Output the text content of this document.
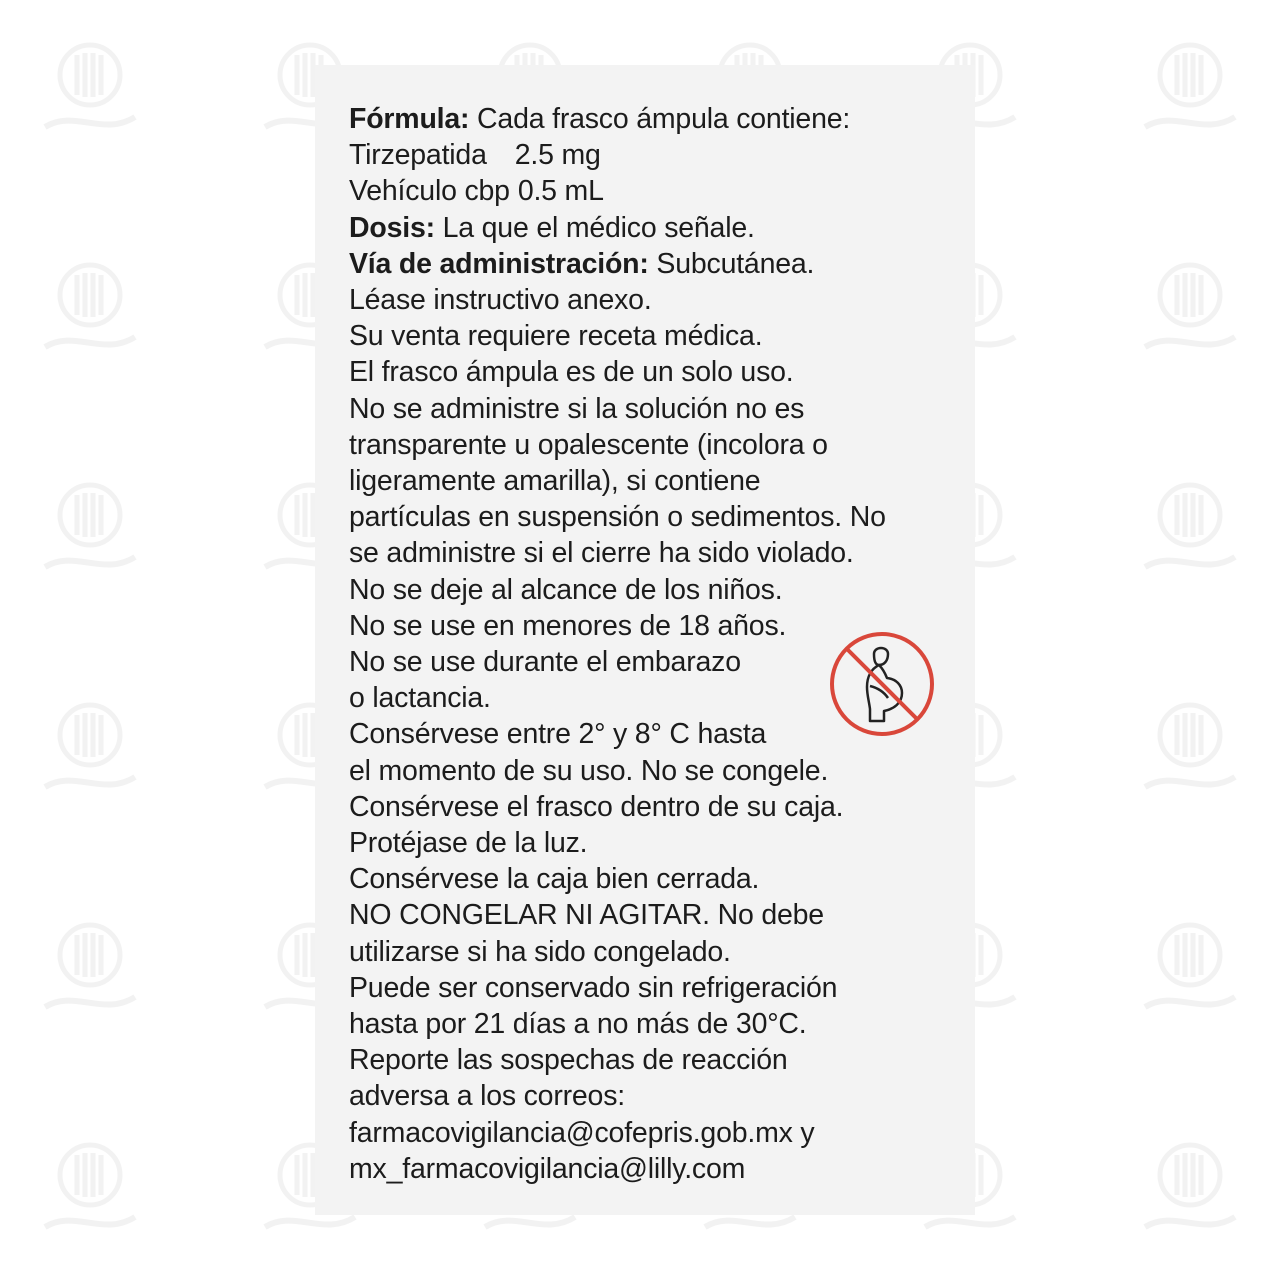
Fórmula: Cada frasco ámpula contiene:
Tirzepatida 2.5 mg
Vehículo cbp 0.5 mL
Dosis: La que el médico señale.
Vía de administración: Subcutánea.
Léase instructivo anexo.
Su venta requiere receta médica.
El frasco ámpula es de un solo uso.
No se administre si la solución no es
transparente u opalescente (incolora o
ligeramente amarilla), si contiene
partículas en suspensión o sedimentos. No
se administre si el cierre ha sido violado.
No se deje al alcance de los niños.
No se use en menores de 18 años.
No se use durante el embarazo
o lactancia.
Consérvese entre 2° y 8° C hasta
el momento de su uso. No se congele.
Consérvese el frasco dentro de su caja.
Protéjase de la luz.
Consérvese la caja bien cerrada.
NO CONGELAR NI AGITAR. No debe
utilizarse si ha sido congelado.
Puede ser conservado sin refrigeración
hasta por 21 días a no más de 30°C.
Reporte las sospechas de reacción
adversa a los correos:
farmacovigilancia@cofepris.gob.mx y
mx_farmacovigilancia@lilly.com
